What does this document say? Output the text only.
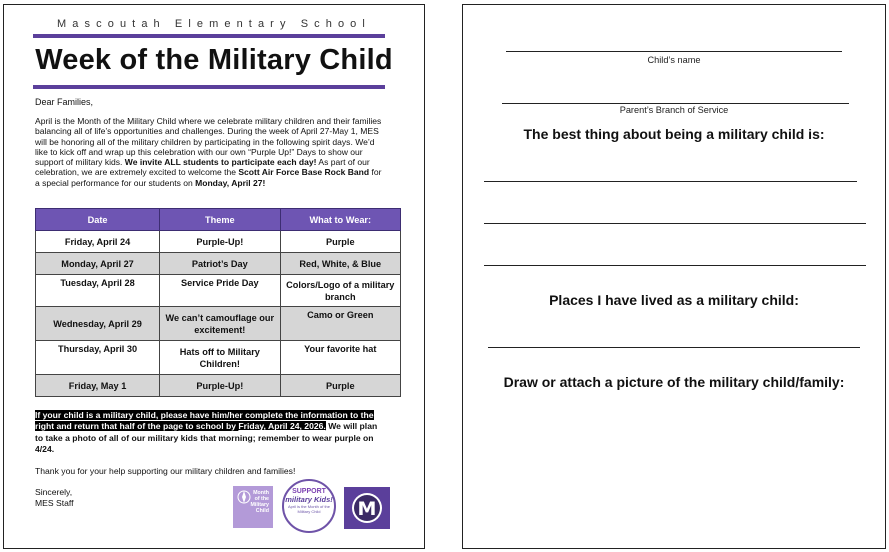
Mascoutah Elementary School
Week of the Military Child
Dear Families,
April is the Month of the Military Child where we celebrate military children and their families balancing all of life’s opportunities and challenges. During the week of April 27-May 1, MES will be honoring all of the military children by participating in the following spirit days. We’d like to kick off and wrap up this celebration with our own “Purple Up!” Days to show our support of military kids. We invite ALL students to participate each day! As part of our celebration, we are extremely excited to welcome the Scott Air Force Base Rock Band for a special performance for our students on Monday, April 27!
Date	Theme	What to Wear:
Friday, April 24	Purple-Up!	Purple
Monday, April 27	Patriot’s Day	Red, White, & Blue
Tuesday, April 28	Service Pride Day	Colors/Logo of a military branch
Wednesday, April 29	We can’t camouflage our excitement!	Camo or Green
Thursday, April 30	Hats off to Military Children!	Your favorite hat
Friday, May 1	Purple-Up!	Purple
If your child is a military child, please have him/her complete the information to the right and return that half of the page to school by Friday, April 24, 2026. We will plan to take a photo of all of our military kids that morning; remember to wear purple on 4/24.
Thank you for your help supporting our military children and families!
Sincerely,
MES Staff
Month
of the
Military
Child
SUPPORT
military Kids!
April is the Month of the Military Child	M
Child’s name
Parent’s Branch of Service
The best thing about being a military child is:
Places I have lived as a military child:
Draw or attach a picture of the military child/family:
